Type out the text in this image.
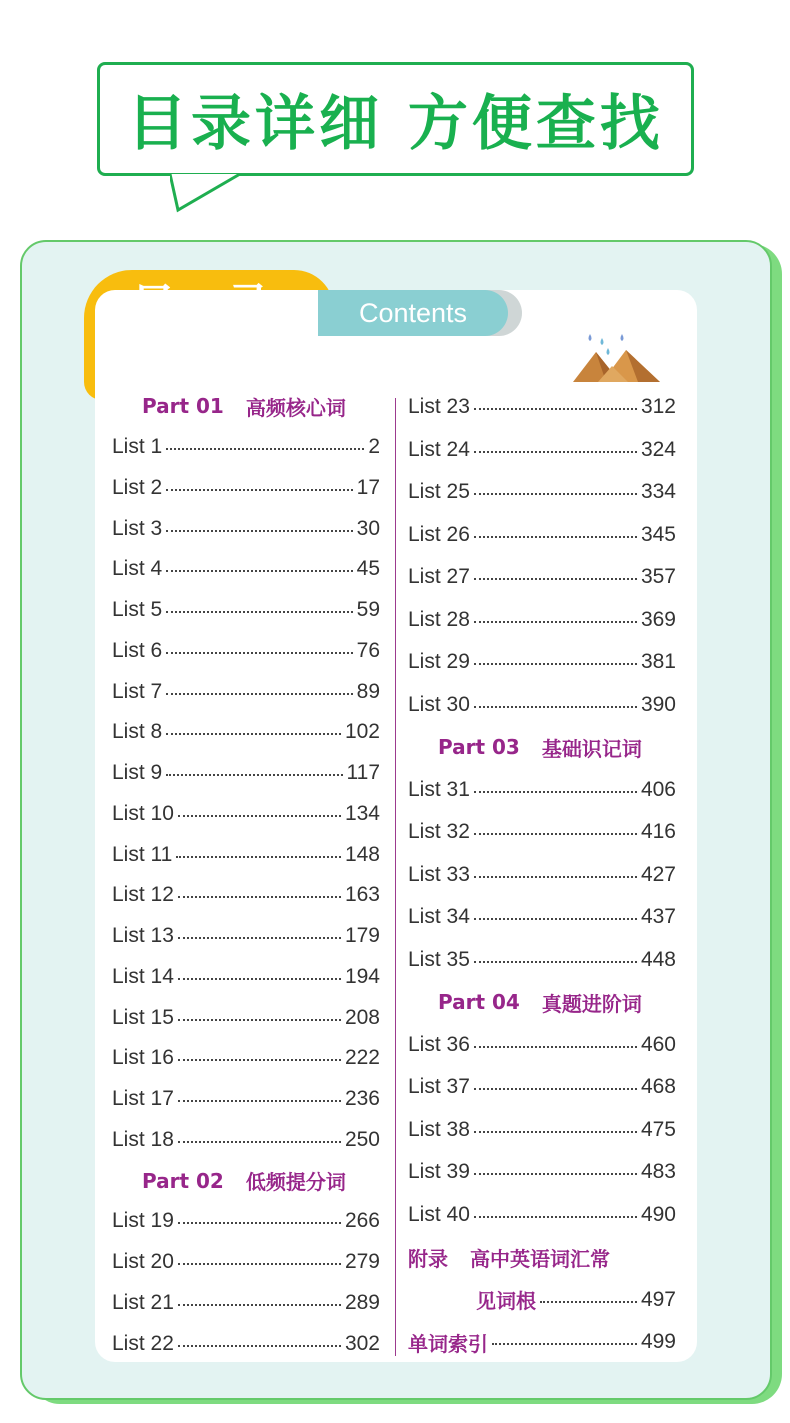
目录详细 方便查找
目 录	Contents
Part 01 高频核心词
List 1	2
List 2	17
List 3	30
List 4	45
List 5	59
List 6	76
List 7	89
List 8	102
List 9	117
List 10	134
List 11	148
List 12	163
List 13	179
List 14	194
List 15	208
List 16	222
List 17	236
List 18	250
Part 02 低频提分词
List 19	266
List 20	279
List 21	289
List 22	302
List 23	312
List 24	324
List 25	334
List 26	345
List 27	357
List 28	369
List 29	381
List 30	390
Part 03 基础识记词
List 31	406
List 32	416
List 33	427
List 34	437
List 35	448
Part 04 真题进阶词
List 36	460
List 37	468
List 38	475
List 39	483
List 40	490
附录 高中英语词汇常
见词根	497
单词索引	499
